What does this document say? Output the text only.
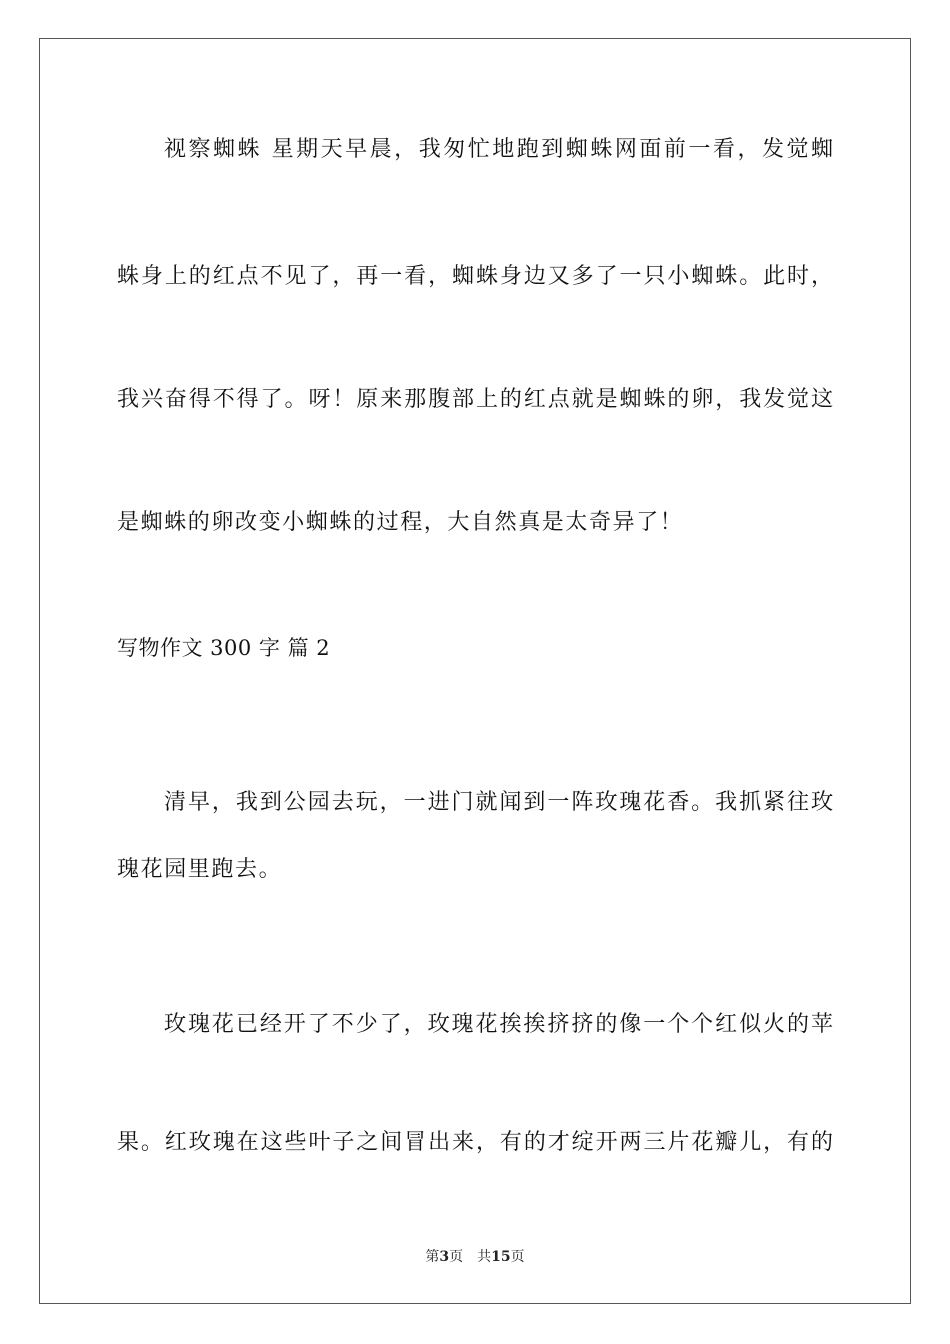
视察蜘蛛 星期天早晨，我匆忙地跑到蜘蛛网面前一看，发觉蜘
蛛身上的红点不见了，再一看，蜘蛛身边又多了一只小蜘蛛。此时，
我兴奋得不得了。呀！原来那腹部上的红点就是蜘蛛的卵，我发觉这
是蜘蛛的卵改变小蜘蛛的过程，大自然真是太奇异了！
写物作文 300 字 篇 2
清早，我到公园去玩，一进门就闻到一阵玫瑰花香。我抓紧往玫
瑰花园里跑去。
玫瑰花已经开了不少了，玫瑰花挨挨挤挤的像一个个红似火的苹
果。红玫瑰在这些叶子之间冒出来，有的才绽开两三片花瓣儿，有的
第3页 共15页
